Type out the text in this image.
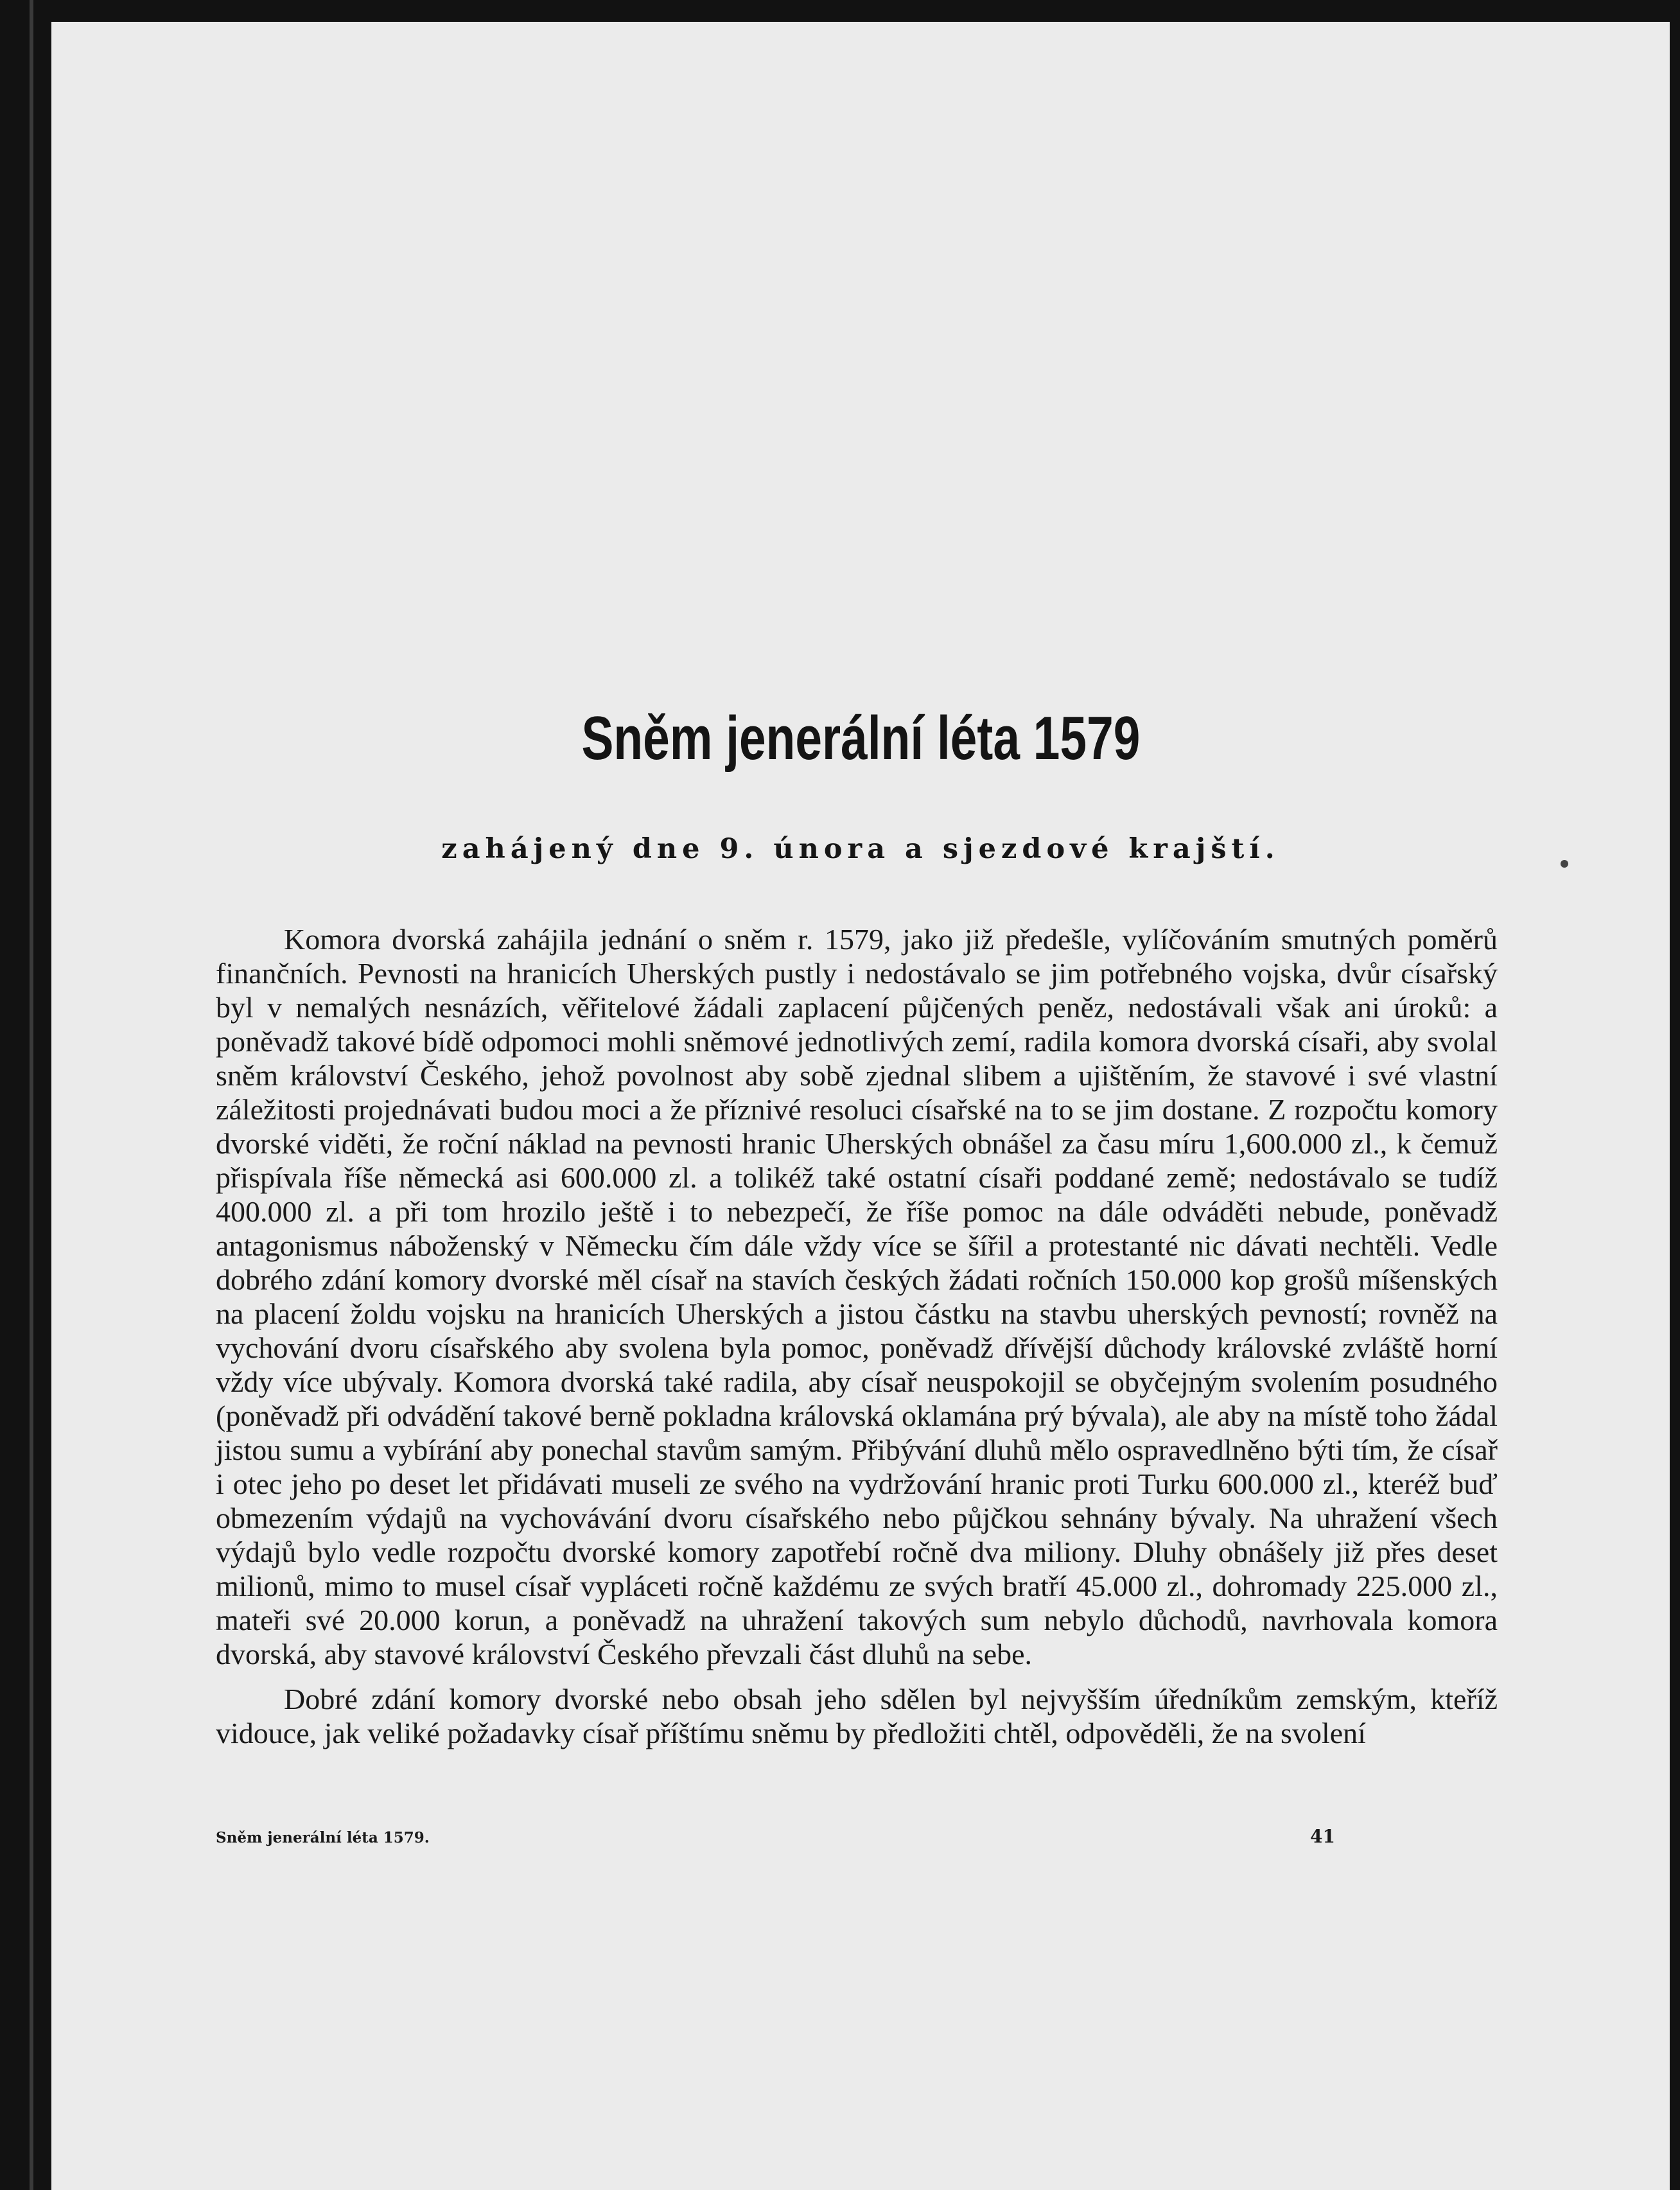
Sněm jenerální léta 1579
zahájený dne 9. února a sjezdové krajští.

Komora dvorská zahájila jednání o sněm r. 1579, jako již předešle, vylíčováním smutných poměrů finančních. Pevnosti na hranicích Uherských pustly i nedostávalo se jim potřebného vojska, dvůr císařský byl v nemalých nesnázích, věřitelové žádali zaplacení půjčených peněz, nedostávali však ani úroků: a poněvadž takové bídě odpomoci mohli sněmové jednotlivých zemí, radila komora dvorská císaři, aby svolal sněm království Českého, jehož povolnost aby sobě zjednal slibem a ujištěním, že stavové i své vlastní záležitosti projednávati budou moci a že příznivé resoluci císařské na to se jim dostane. Z rozpočtu komory dvorské viděti, že roční náklad na pevnosti hranic Uherských obnášel za času míru 1,600.000 zl., k čemuž přispívala říše německá asi 600.000 zl. a tolikéž také ostatní císaři poddané země; nedostávalo se tudíž 400.000 zl. a při tom hrozilo ještě i to nebezpečí, že říše pomoc na dále odváděti nebude, poněvadž antagonismus náboženský v Německu čím dále vždy více se šířil a protestanté nic dávati nechtěli. Vedle dobrého zdání komory dvorské měl císař na stavích českých žádati ročních 150.000 kop grošů míšenských na placení žoldu vojsku na hranicích Uherských a jistou částku na stavbu uherských pevností; rovněž na vychování dvoru císařského aby svolena byla pomoc, poněvadž dřívější důchody královské zvláště horní vždy více ubývaly. Komora dvorská také radila, aby císař neuspokojil se obyčejným svolením posudného (poněvadž při odvádění takové berně pokladna královská oklamána prý bývala), ale aby na místě toho žádal jistou sumu a vybírání aby ponechal stavům samým. Přibývání dluhů mělo ospravedlněno býti tím, že císař i otec jeho po deset let přidávati museli ze svého na vydržování hranic proti Turku 600.000 zl., kteréž buď obmezením výdajů na vychovávání dvoru císařského nebo půjčkou sehnány bývaly. Na uhražení všech výdajů bylo vedle rozpočtu dvorské komory zapotřebí ročně dva miliony. Dluhy obnášely již přes deset milionů, mimo to musel císař vypláceti ročně každému ze svých bratří 45.000 zl., dohromady 225.000 zl., mateři své 20.000 korun, a poněvadž na uhražení takových sum nebylo důchodů, navrhovala komora dvorská, aby stavové království Českého převzali část dluhů na sebe.

Dobré zdání komory dvorské nebo obsah jeho sdělen byl nejvyšším úředníkům zemským, kteříž vidouce, jak veliké požadavky císař příštímu sněmu by předložiti chtěl, odpověděli, že na svolení

Sněm jenerální léta 1579.	41
